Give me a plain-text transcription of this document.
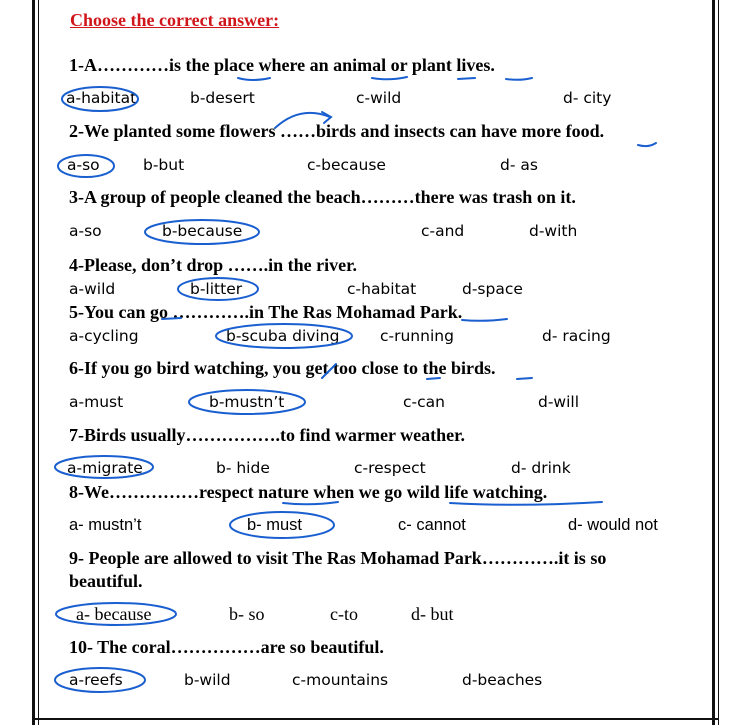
Choose the correct answer:
1-A…………is the place where an animal or plant lives.
a-habitat	b-desert	c-wild	d- city
2-We planted some flowers ……birds and insects can have more food.
a-so	b-but	c-because	d- as
3-A group of people cleaned the beach………there was trash on it.
a-so	b-because	c-and	d-with
4-Please, don’t drop …….in the river.
a-wild	b-litter	c-habitat	d-space
5-You can go ………….in The Ras Mohamad Park.
a-cycling	b-scuba diving	c-running	d- racing
6-If you go bird watching, you get too close to the birds.
a-must	b-mustn’t	c-can	d-will
7-Birds usually…………….to find warmer weather.
a-migrate	b- hide	c-respect	d- drink
8-We……………respect nature when we go wild life watching.
a- mustn’t	b- must	c- cannot	d- would not
9- People are allowed to visit The Ras Mohamad Park………….it is so
beautiful.
a- because	b- so	c-to	d- but
10- The coral……………are so beautiful.
a-reefs	b-wild	c-mountains	d-beaches
